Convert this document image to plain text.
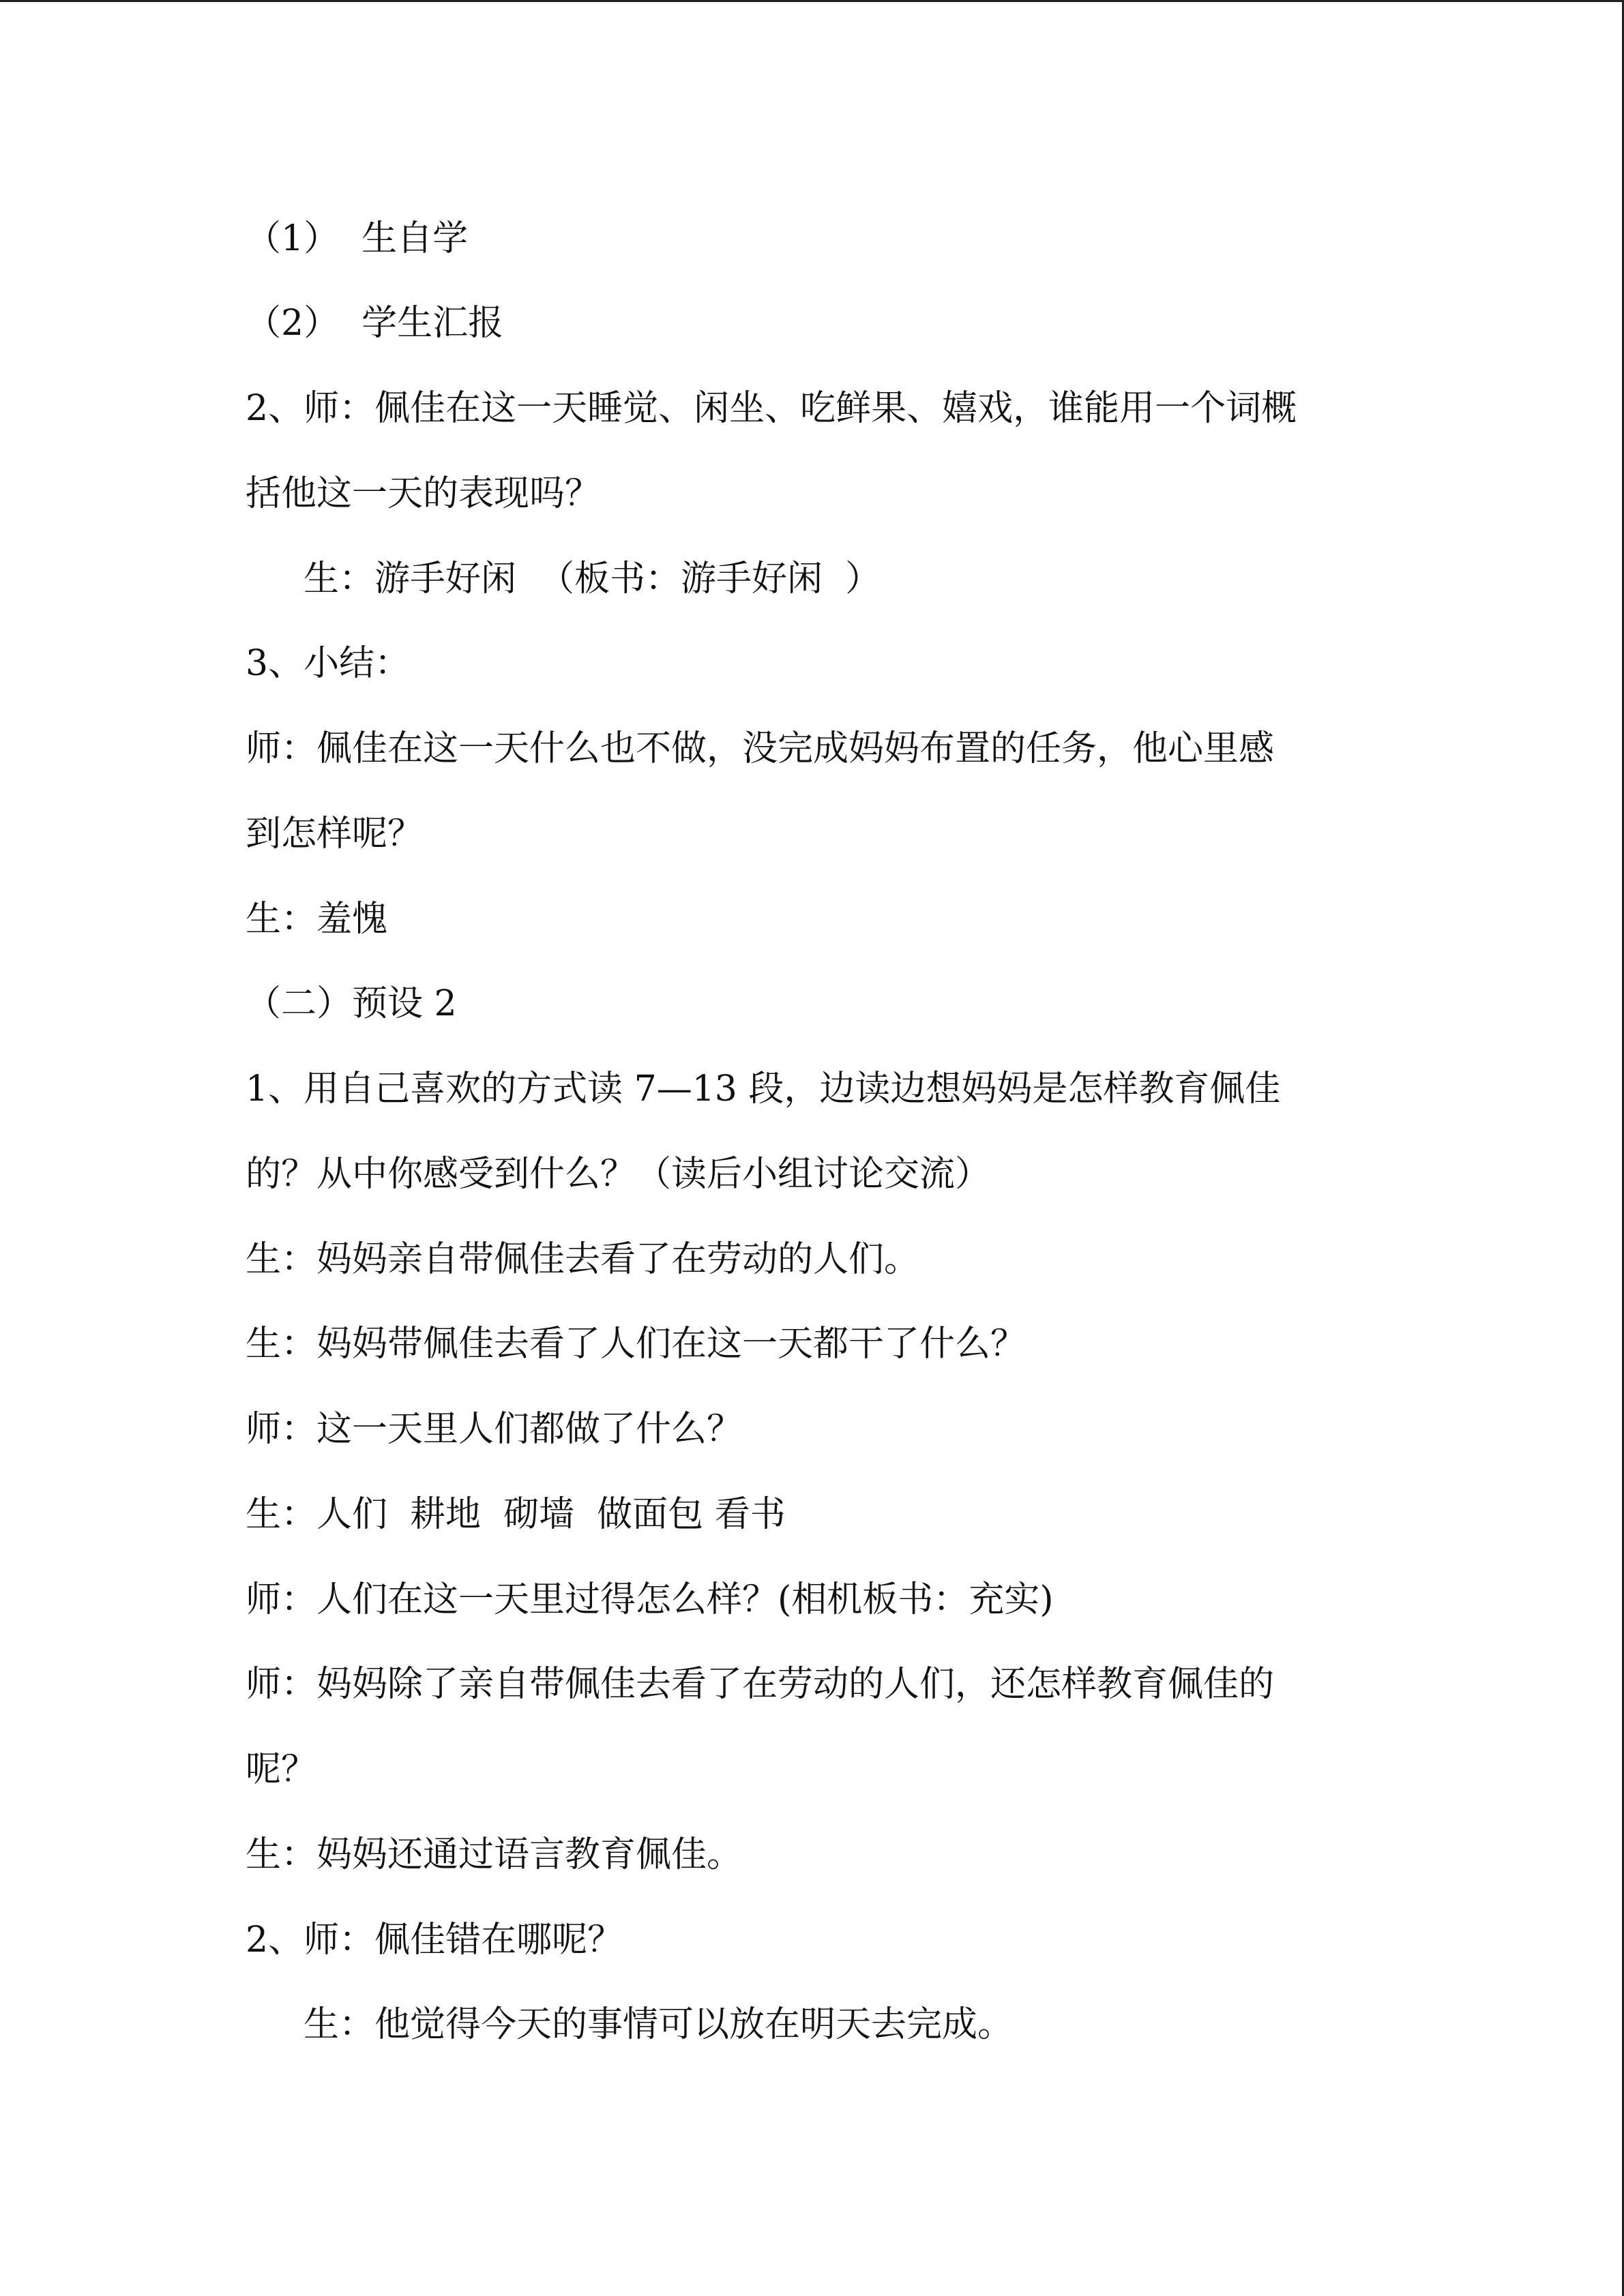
（1）  生自学
（2）  学生汇报
2、师：佩佳在这一天睡觉、闲坐、吃鲜果、嬉戏，谁能用一个词概
括他这一天的表现吗？
生：游手好闲  （板书：游手好闲  ）
3、小结：
师：佩佳在这一天什么也不做，没完成妈妈布置的任务，他心里感
到怎样呢？
生：羞愧
（二）预设 2
1、用自己喜欢的方式读 7—13 段，边读边想妈妈是怎样教育佩佳
的？从中你感受到什么？（读后小组讨论交流）
生：妈妈亲自带佩佳去看了在劳动的人们。
生：妈妈带佩佳去看了人们在这一天都干了什么？
师：这一天里人们都做了什么？
生：人们  耕地  砌墙  做面包 看书
师：人们在这一天里过得怎么样？(相机板书：充实)
师：妈妈除了亲自带佩佳去看了在劳动的人们，还怎样教育佩佳的
呢？
生：妈妈还通过语言教育佩佳。
2、师：佩佳错在哪呢？
生：他觉得今天的事情可以放在明天去完成。
